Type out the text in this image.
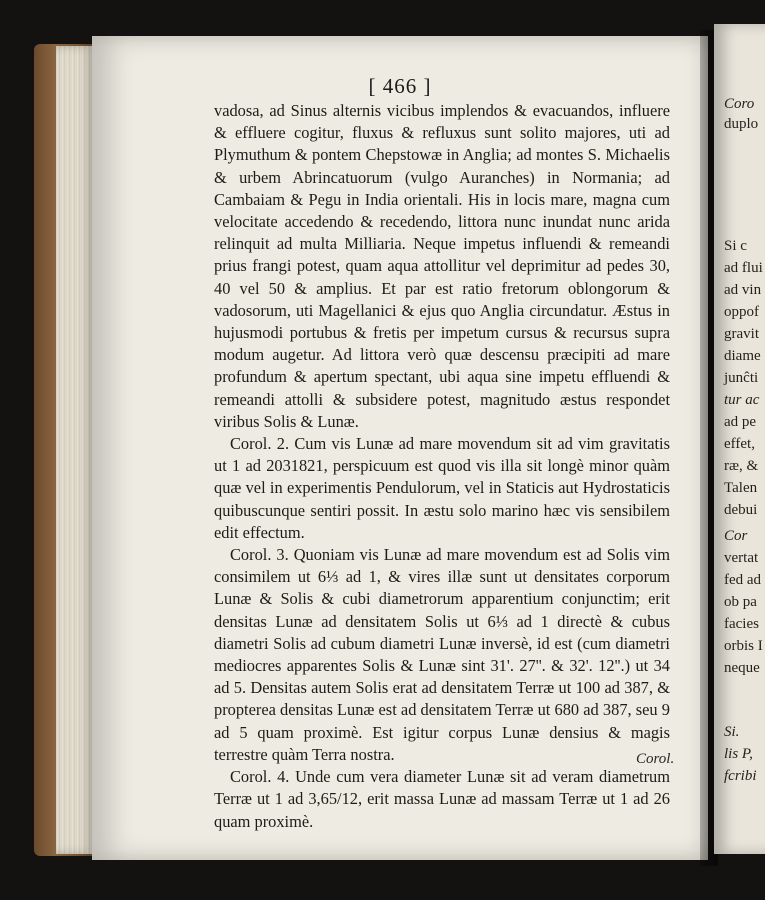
Coro
duplo
Si c
ad flui
ad vin
oppof
gravit
diame
junĉti
tur ac
ad pe
effet,
ræ, &
Talen
debui
Cor
vertat
fed ad
ob pa
facies
orbis I
neque
Si.
lis P,
fcribi
[ 466 ]

vadosa, ad Sinus alternis vicibus implendos & evacuandos, influere & effluere cogitur, fluxus & refluxus sunt solito majores, uti ad Plymuthum & pontem Chepstowæ in Anglia; ad montes S. Michaelis & urbem Abrincatuorum (vulgo Auranches) in Normania; ad Cambaiam & Pegu in India orientali. His in locis mare, magna cum velocitate accedendo & recedendo, littora nunc inundat nunc arida relinquit ad multa Milliaria. Neque impetus influendi & remeandi prius frangi potest, quam aqua attollitur vel deprimitur ad pedes 30, 40 vel 50 & amplius. Et par est ratio fretorum oblongorum & vadosorum, uti Magellanici & ejus quo Anglia circundatur. Æstus in hujusmodi portubus & fretis per impetum cursus & recursus supra modum augetur. Ad littora verò quæ descensu præcipiti ad mare profundum & apertum spectant, ubi aqua sine impetu effluendi & remeandi attolli & subsidere potest, magnitudo æstus respondet viribus Solis & Lunæ.

Corol. 2. Cum vis Lunæ ad mare movendum sit ad vim gravitatis ut 1 ad 2031821, perspicuum est quod vis illa sit longè minor quàm quæ vel in experimentis Pendulorum, vel in Staticis aut Hydrostaticis quibuscunque sentiri possit. In æstu solo marino hæc vis sensibilem edit effectum.

Corol. 3. Quoniam vis Lunæ ad mare movendum est ad Solis vim consimilem ut 6⅓ ad 1, & vires illæ sunt ut densitates corporum Lunæ & Solis & cubi diametrorum apparentium conjunctim; erit densitas Lunæ ad densitatem Solis ut 6⅓ ad 1 directè & cubus diametri Solis ad cubum diametri Lunæ inversè, id est (cum diametri mediocres apparentes Solis & Lunæ sint 31'. 27''. & 32'. 12''.) ut 34 ad 5. Densitas autem Solis erat ad densitatem Terræ ut 100 ad 387, & propterea densitas Lunæ est ad densitatem Terræ ut 680 ad 387, seu 9 ad 5 quam proximè. Est igitur corpus Lunæ densius & magis terrestre quàm Terra nostra.

Corol. 4. Unde cum vera diameter Lunæ sit ad veram diametrum Terræ ut 1 ad 3,65/12, erit massa Lunæ ad massam Terræ ut 1 ad 26 quam proximè.

Corol.
